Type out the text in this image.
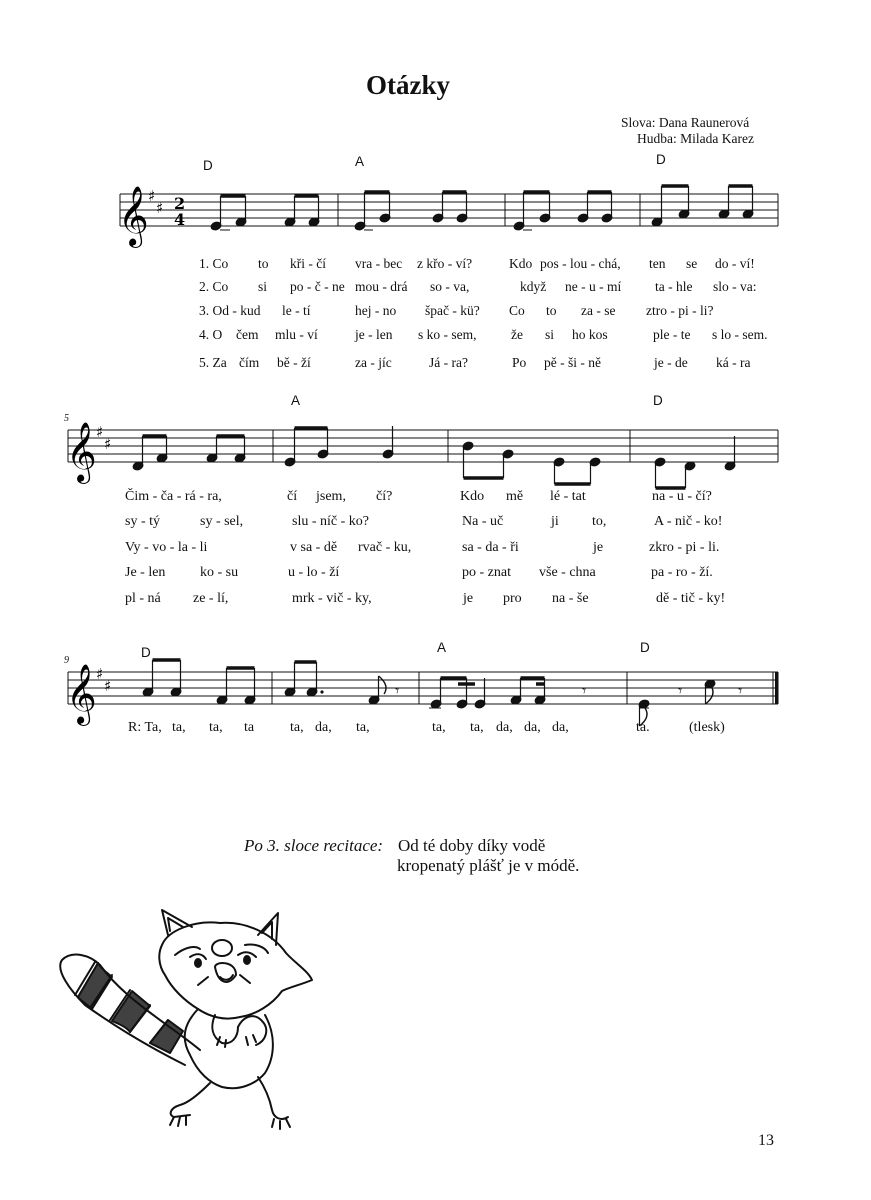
Otázky
Slova: Dana Raunerová
Hudba: Milada Karez
D	A	D
𝄞 ♯
♯ 2
4
1. Co to kři - čí vra - bec z křo - ví?	Kdo pos - lou - chá, ten se do - ví!
2. Co si po - č - ne mou - drá so - va,	když ne - u - mí	ta - hle slo - va:
3. Od - kud le - tí	hej - no špač - kü? Co to za - se ztro - pi - li?
4. O čem mlu - ví	je - len s ko - sem,	že si ho kos	ple - te s lo - sem.
5. Za čím bě - ží	za - jíc	Já - ra?	Po pě - ši - ně	je - de ká - ra
5
A	D
𝄞 ♯
♯
Čim - ča - rá - ra,	čí jsem, čí?	Kdo mě lé - tat	na - u - čí?
sy - tý	sy - sel,	slu - níč - ko?	Na - uč	ji to,	A - nič - ko!
Vy - vo - la - li	v sa - dě rvač - ku,	sa - da - ři	je	zkro - pi - li.
Je - len ko - su	u - lo - ží	po - znat vše - chna	pa - ro - ží.
pl - ná ze - lí,	mrk - vič - ky,	je pro na - še	dě - tič - ky!
9
D	A	D
𝄞 ♯
♯	𝄾	𝄾	𝄾	𝄾
R: Ta, ta, ta, ta	ta, da, ta,	ta, ta, da, da, da,	ta.	(tlesk)
Po 3. sloce recitace: Od té doby díky vodě
kropenatý plášť je v módě.
13
